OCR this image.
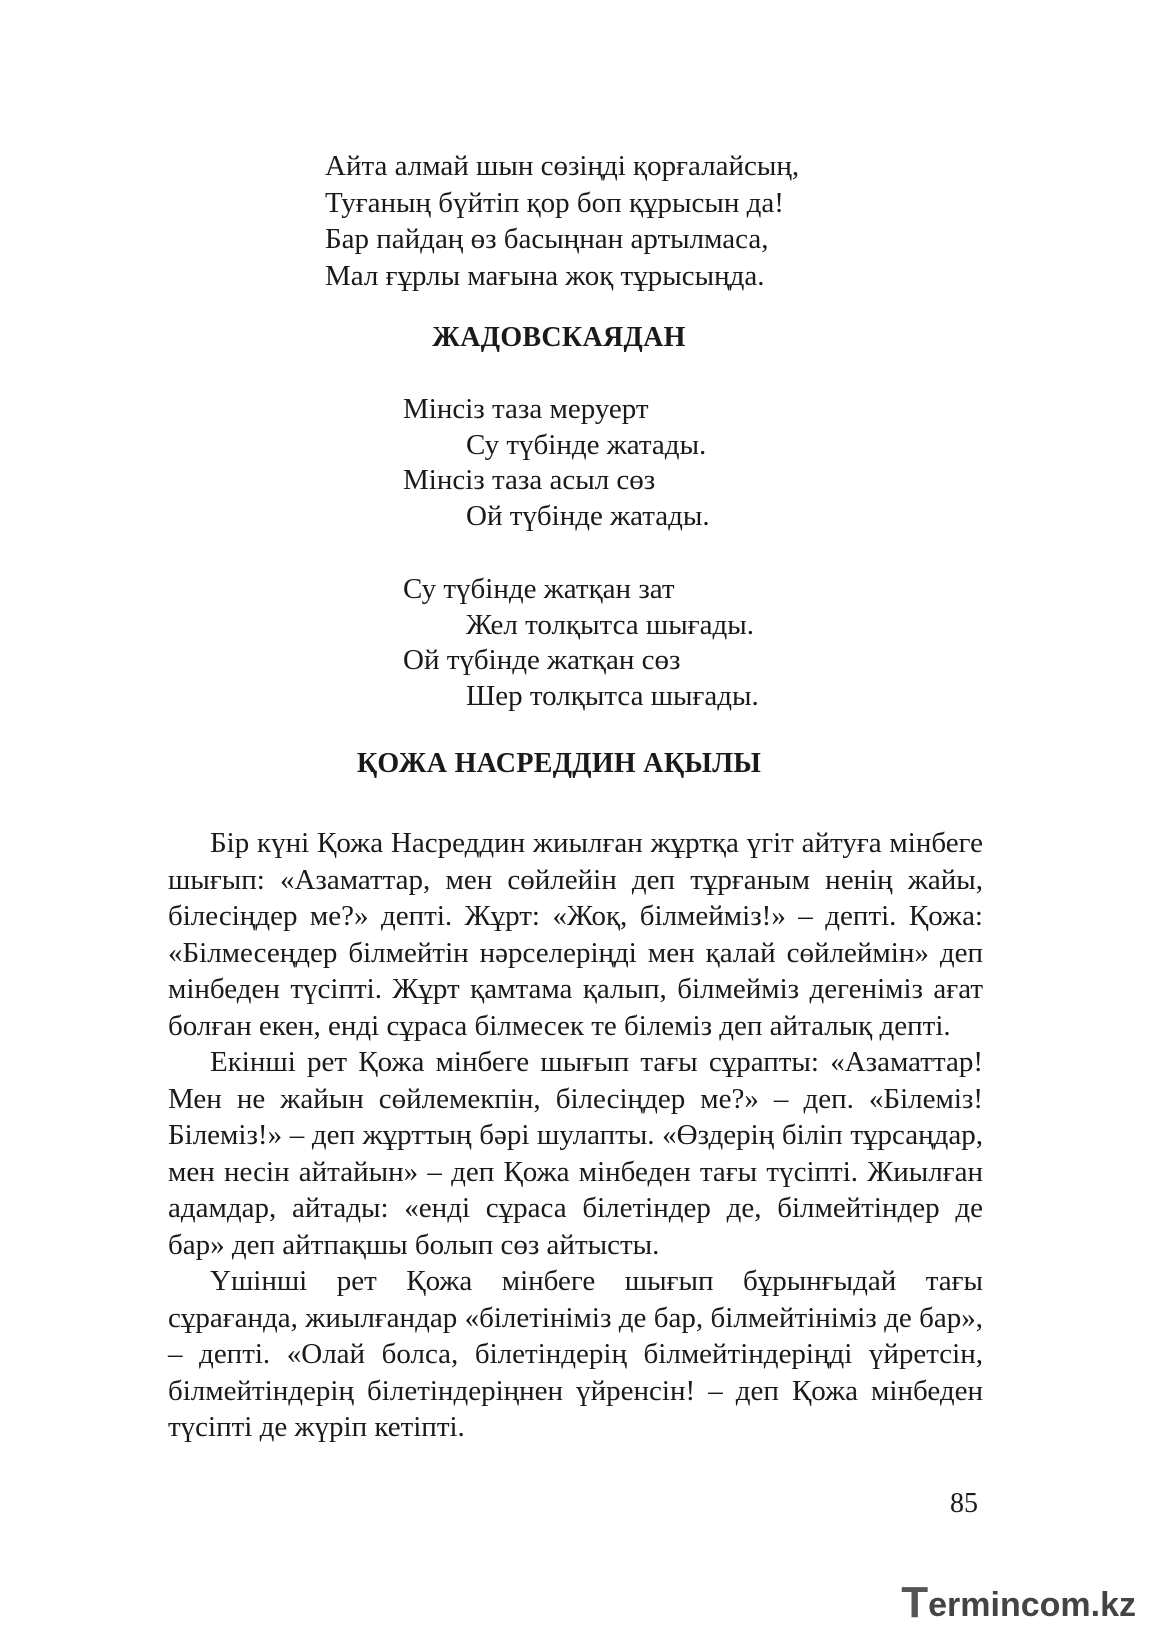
Айта алмай шын сөзіңді қорғалайсың,
Туғаның бүйтіп қор боп құрысын да!
Бар пайдаң өз басыңнан артылмаса,
Мал ғұрлы мағына жоқ тұрысыңда.
ЖАДОВСКАЯДАН
Мінсіз таза меруерт
Су түбінде жатады.
Мінсіз таза асыл сөз
Ой түбінде жатады.
Су түбінде жатқан зат
Жел толқытса шығады.
Ой түбінде жатқан сөз
Шер толқытса шығады.
ҚОЖА НАСРЕДДИН АҚЫЛЫ

Бір күні Қожа Насреддин жиылған жұртқа үгіт айтуға мінбеге шығып: «Азаматтар, мен сөйлейін деп тұрғаным ненің жайы, білесіңдер ме?» депті. Жұрт: «Жоқ, білмейміз!» – депті. Қожа: «Білмесеңдер білмейтін нәрселеріңді мен қалай сөйлеймін» деп мінбеден түсіпті. Жұрт қамтама қалып, білмейміз дегеніміз ағат болған екен, енді сұраса білмесек те білеміз деп айталық депті.

Екінші рет Қожа мінбеге шығып тағы сұрапты: «Азаматтар! Мен не жайын сөйлемекпін, білесіңдер ме?» – деп. «Білеміз! Білеміз!» – деп жұрттың бәрі шулапты. «Өздерің біліп тұрсаңдар, мен несін айтайын» – деп Қожа мінбеден тағы түсіпті. Жиылған адамдар, айтады: «енді сұраса білетіндер де, білмейтіндер де бар» деп айтпақшы болып сөз айтысты.

Үшінші рет Қожа мінбеге шығып бұрынғыдай тағы сұрағанда, жиылғандар «білетініміз де бар, білмейтініміз де бар», – депті. «Олай болса, білетіндерің білмейтіндеріңді үйретсін, білмейтіндерің білетіндеріңнен үйренсін! – деп Қожа мінбеден түсіпті де жүріп кетіпті.

85
T ermincom.kz
